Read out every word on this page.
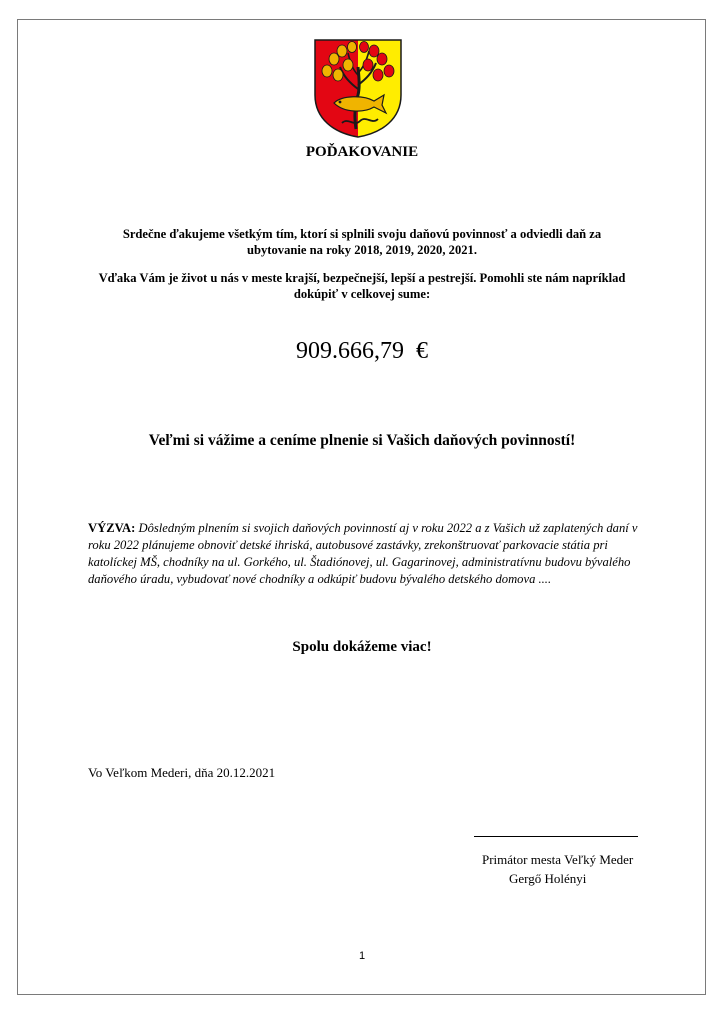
POĎAKOVANIE
Srdečne ďakujeme všetkým tím, ktorí si splnili svoju daňovú povinnosť a odviedli daň za ubytovanie na roky 2018, 2019, 2020, 2021.
Vďaka Vám je život u nás v meste krajší, bezpečnejší, lepší a pestrejší. Pomohli ste nám napríklad dokúpiť v celkovej sume:
909.666,79  €
Veľmi si vážime a ceníme plnenie si Vašich daňových povinností!
VÝZVA: Dôsledným plnením si svojich daňových povinností aj v roku 2022 a z Vašich už zaplatených daní v roku 2022 plánujeme obnoviť detské ihriská, autobusové zastávky, zrekonštruovať parkovacie státia pri katolíckej MŠ, chodníky na ul. Gorkého, ul. Štadiónovej, ul. Gagarinovej, administratívnu budovu bývalého daňového úradu, vybudovať nové chodníky a odkúpiť budovu bývalého detského domova ....
Spolu dokážeme viac!
Vo Veľkom Mederi, dňa 20.12.2021
Primátor mesta Veľký Meder
Gergő Holényi
1
